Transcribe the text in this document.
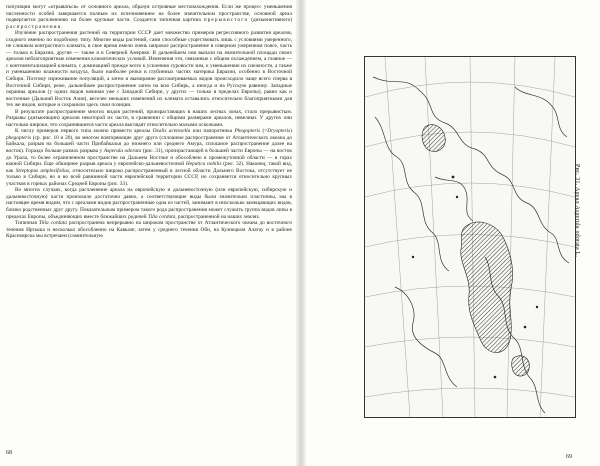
популяции могут «отрываться» от основного ареала, образуя островные местонахождения. Если же процесс уменьшения численности особей завершается полным их исчезновением на более значительном пространстве, основной ареал подвергается расчленению на более крупные части. Создается типичная картина прерывистого (дизъюнктивного) распространения.

Изучение распространения растений на территории СССР дает множество примеров регрессивного развития ареалов, сходного именно по подобному типу. Многие виды растений, сами способные существовать лишь с условиями умеренного, не слишком контрастного климата, в свое время имели очень широкое распространение в северном умеренном поясе, часть — только в Евразии, другие — также и в Северной Америке. В дальнейшем они выпали на значительной площади своих ареалов неблагоприятные изменения климатических условий. Изменения эти, связанные с общим охлаждением, а главное — с континентализацией климата, с доминацией прежде всего к усилению суровости зим, к уменьшению их снежности, а также и уменьшению влажности воздуха, были наиболее резки в глубинных частях материка Евразии, особенно в Восточной Сибири. Поэтому изреживание популяций, а затем и вымирание рассматриваемых видов происходило чаще всего сперва в Восточной Сибири, реже, дальнейшее распространение затем на всю Сибирь, а иногда и на Русскую равнину. Западные окраины ареалов (у одних видов начиная уже с Западной Сибири, у других — только в пределах Европы), равно как и восточные (Дальний Восток Азии), веселее меньших изменений их климата оставались относительно благоприятными для тех же видов, которые и сохранили здесь свои позиции.

В результате распространение многих видов растений, произрастающих в наших лесных зонах, стало прерывистым. Разрывы (дизъюнкции) ареалов некоторой их части, в сравнении с общими размерами ареалов, невелики. У других они настолько широки, что сохранившиеся части ареала выглядят относительно малыми осколками.

К числу примеров первого типа можно привести ареалы Oxalis acetosella или папоротника Phegopteris (=Dryopteris) phegopteris (ср. рис. 10 и 20), во многом повторяющие друг друга (сплошное распространение от Атлантического океана до Байкала, разрыв на большей части Прибайкалья до нижнего или среднего Амура, сплошное распространение далее на восток). Гораздо больше размах разрыва у Asperula odorata (рис. 31), произрастающей в большей части Европы — на восток до Урала, то более ограниченном пространстве на Дальнем Востоке и обособлено в промежуточной области — в горах южной Сибири. Еще обширнее разрыв ареала у европейско-дальневосточной Hepatica nobilis (рис. 32). Наконец, такой вид, как Streptopus amplexifolius, относительно широко распространенный в лесной области Дальнего Востока, отсутствует не только в Сибири, но и во всей равнинной части европейской территории СССР, но сохраняется относительно крупных участков в горных районах Средней Европы (рис. 33).

Во многих случаях, когда расчленение ареала на европейскую и дальневосточную (или европейскую, сибирскую и дальневосточную) части произошло достаточно давно, а соответствующие виды были значительно пластичны, мы в настоящее время видим, что с ареалами видов распространенные одна из частей, занимают в нихсколько замещающих видов, близко родственных друг другу. Показательным примером такого рода распространения может служить группа видов липы в пределах Европы, объединяющих вместе ближайших родичей Tilia cordata, распространенной на наших землях.

Типичная Tilia cordata распространена непрерывно на широком пространстве от Атлантического океана до восточного течения Иртыша и несколько обособленно на Кавказе; затем у среднего течения Оби, на Кузнецком Алатау и в районе Красноярска мы встречаем (сомнительную

68
Рис. 31. Ареал Asperula odorata L.
69
